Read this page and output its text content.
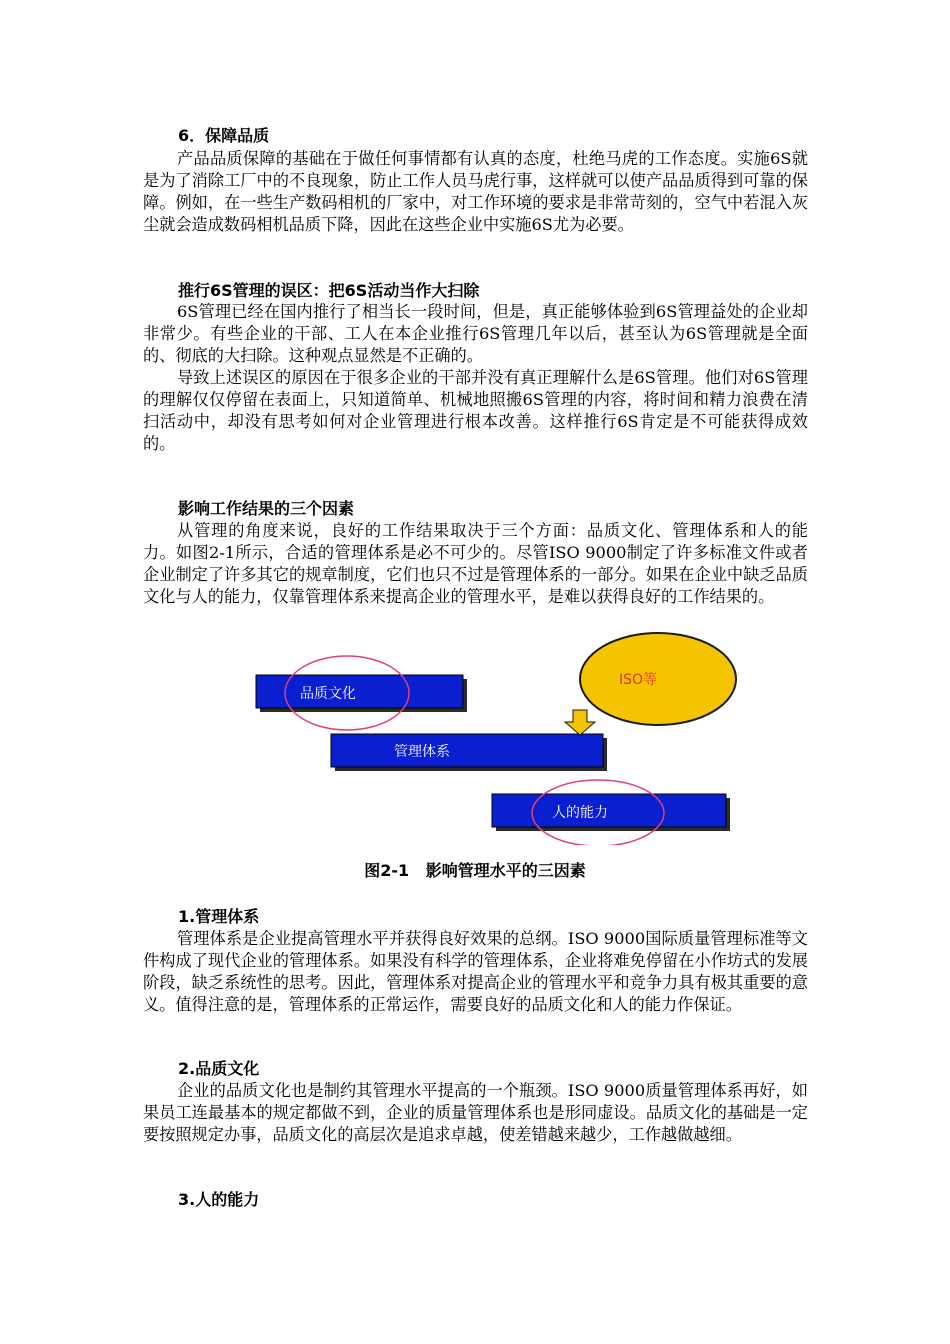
6．保障品质
产品品质保障的基础在于做任何事情都有认真的态度，杜绝马虎的工作态度。实施6S就是为了消除工厂中的不良现象，防止工作人员马虎行事，这样就可以使产品品质得到可靠的保障。例如，在一些生产数码相机的厂家中，对工作环境的要求是非常苛刻的，空气中若混入灰尘就会造成数码相机品质下降，因此在这些企业中实施6S尤为必要。
推行6S管理的误区：把6S活动当作大扫除
6S管理已经在国内推行了相当长一段时间，但是，真正能够体验到6S管理益处的企业却非常少。有些企业的干部、工人在本企业推行6S管理几年以后，甚至认为6S管理就是全面的、彻底的大扫除。这种观点显然是不正确的。
导致上述误区的原因在于很多企业的干部并没有真正理解什么是6S管理。他们对6S管理的理解仅仅停留在表面上，只知道简单、机械地照搬6S管理的内容，将时间和精力浪费在清扫活动中，却没有思考如何对企业管理进行根本改善。这样推行6S肯定是不可能获得成效的。
影响工作结果的三个因素
从管理的角度来说，良好的工作结果取决于三个方面：品质文化、管理体系和人的能力。如图2-1所示，合适的管理体系是必不可少的。尽管ISO 9000制定了许多标准文件或者企业制定了许多其它的规章制度，它们也只不过是管理体系的一部分。如果在企业中缺乏品质文化与人的能力，仅靠管理体系来提高企业的管理水平，是难以获得良好的工作结果的。
品质文化
管理体系
人的能力
ISO等
图2-1   影响管理水平的三因素
1.管理体系
管理体系是企业提高管理水平并获得良好效果的总纲。ISO 9000国际质量管理标准等文件构成了现代企业的管理体系。如果没有科学的管理体系，企业将难免停留在小作坊式的发展阶段，缺乏系统性的思考。因此，管理体系对提高企业的管理水平和竞争力具有极其重要的意义。值得注意的是，管理体系的正常运作，需要良好的品质文化和人的能力作保证。
2.品质文化
企业的品质文化也是制约其管理水平提高的一个瓶颈。ISO 9000质量管理体系再好，如果员工连最基本的规定都做不到，企业的质量管理体系也是形同虚设。品质文化的基础是一定要按照规定办事，品质文化的高层次是追求卓越，使差错越来越少，工作越做越细。
3.人的能力
